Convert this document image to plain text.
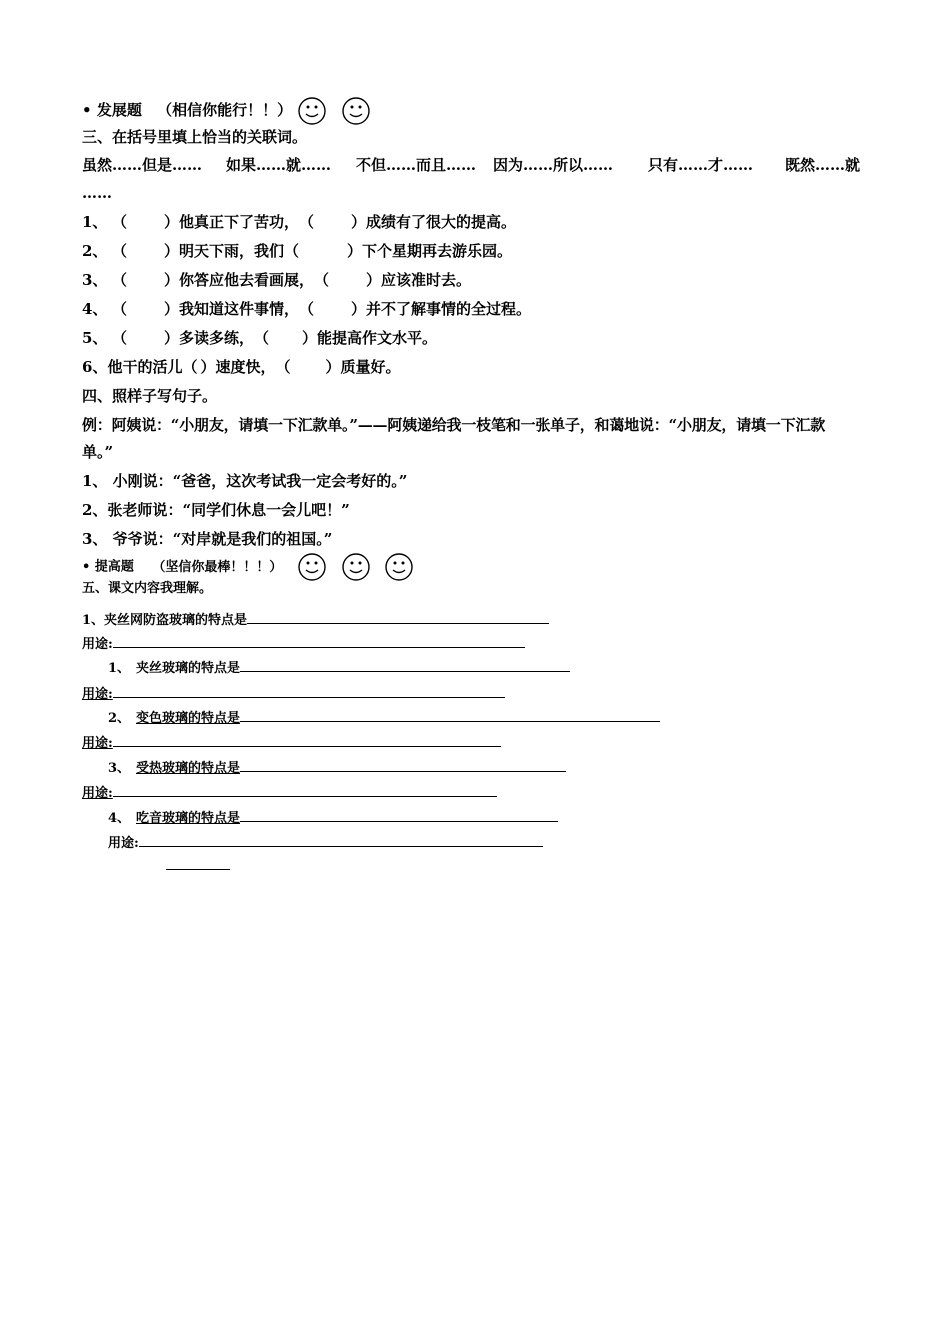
• 发展题 （相信你能行！！）
三、在括号里填上恰当的关联词。
虽然……但是…… 如果……就…… 不但……而且…… 因为……所以…… 只有……才…… 既然……就
……
1、 （ ）他真正下了苦功，（ ）成绩有了很大的提高。
2、 （ ）明天下雨，我们（	）下个星期再去游乐园。
3、 （ ）你答应他去看画展，（ ）应该准时去。
4、 （ ）我知道这件事情，（ ）并不了解事情的全过程。
5、 （ ）多读多练，（ ）能提高作文水平。
6、他干的活儿（ ）速度快，（ ）质量好。
四、照样子写句子。
例：阿姨说：“小朋友，请填一下汇款单。”——阿姨递给我一枝笔和一张单子，和蔼地说：“小朋友，请填一下汇款
单。”
1、 小刚说：“爸爸，这次考试我一定会考好的。”
2、张老师说：“同学们休息一会儿吧！”
3、 爷爷说：“对岸就是我们的祖国。”
• 提高题 （坚信你最棒！！！）
五、课文内容我理解。
1、夹丝网防盗玻璃的特点是
用途:
1、 夹丝玻璃的特点是
用途:
2、 变色玻璃的特点是
用途:
3、 受热玻璃的特点是
用途:
4、 吃音玻璃的特点是
用途:
